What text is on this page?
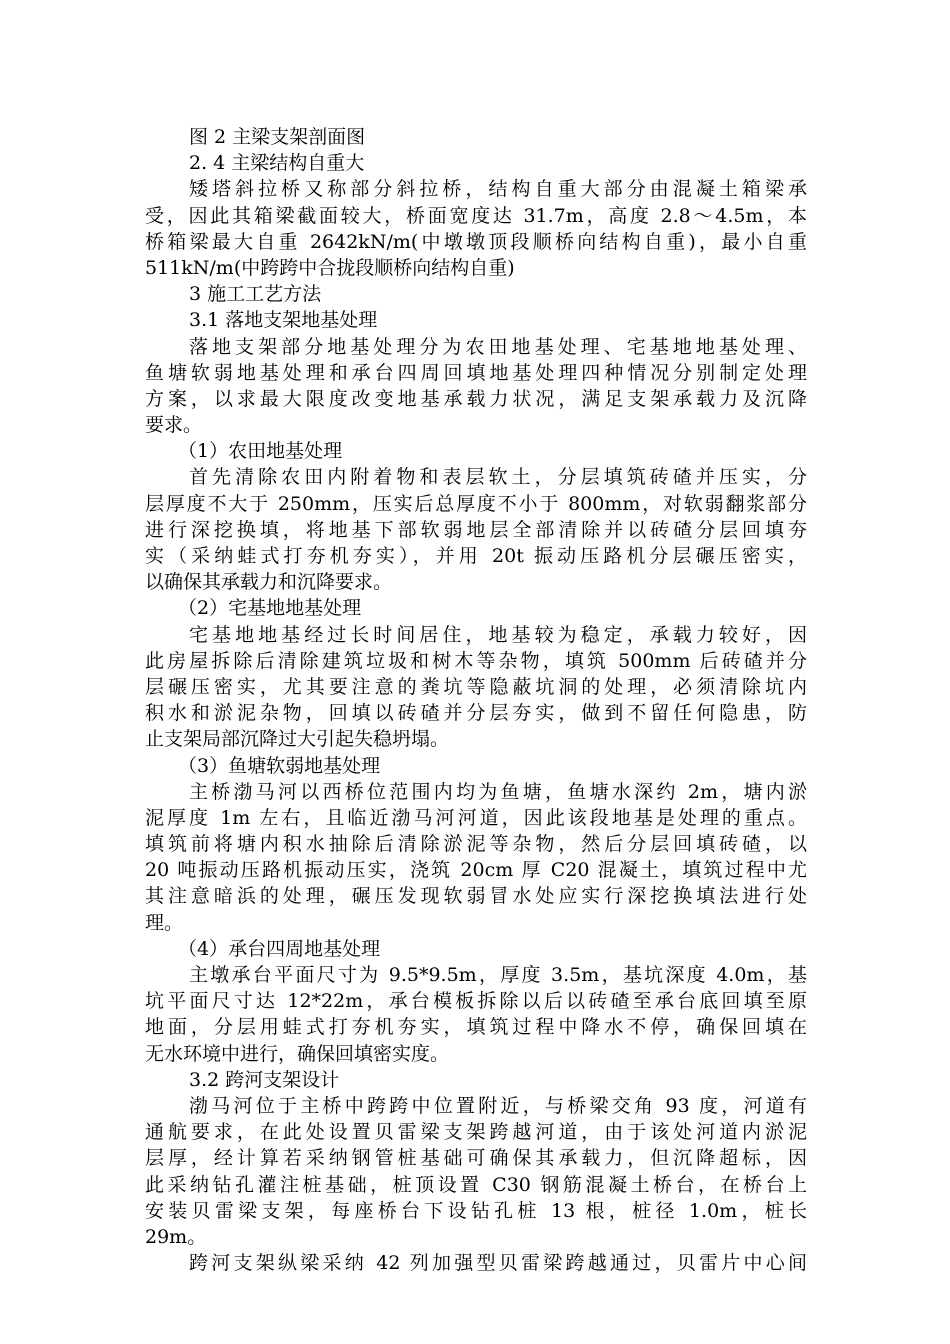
图 2 主梁支架剖面图
2. 4 主梁结构自重大
矮塔斜拉桥又称部分斜拉桥，结构自重大部分由混凝土箱梁承
受，因此其箱梁截面较大，桥面宽度达 31.7m，高度 2.8～4.5m，本
桥箱梁最大自重 2642kN/m(中墩墩顶段顺桥向结构自重)，最小自重
511kN/m(中跨跨中合拢段顺桥向结构自重)
3 施工工艺方法
3.1 落地支架地基处理
落地支架部分地基处理分为农田地基处理、宅基地地基处理、
鱼塘软弱地基处理和承台四周回填地基处理四种情况分别制定处理
方案，以求最大限度改变地基承载力状况，满足支架承载力及沉降
要求。
（1）农田地基处理
首先清除农田内附着物和表层软土，分层填筑砖碴并压实，分
层厚度不大于 250mm，压实后总厚度不小于 800mm，对软弱翻浆部分
进行深挖换填，将地基下部软弱地层全部清除并以砖碴分层回填夯
实（采纳蛙式打夯机夯实），并用 20t 振动压路机分层碾压密实，
以确保其承载力和沉降要求。
（2）宅基地地基处理
宅基地地基经过长时间居住，地基较为稳定，承载力较好，因
此房屋拆除后清除建筑垃圾和树木等杂物，填筑 500mm 后砖碴并分
层碾压密实，尤其要注意的粪坑等隐蔽坑洞的处理，必须清除坑内
积水和淤泥杂物，回填以砖碴并分层夯实，做到不留任何隐患，防
止支架局部沉降过大引起失稳坍塌。
（3）鱼塘软弱地基处理
主桥渤马河以西桥位范围内均为鱼塘，鱼塘水深约 2m，塘内淤
泥厚度 1m 左右，且临近渤马河河道，因此该段地基是处理的重点。
填筑前将塘内积水抽除后清除淤泥等杂物，然后分层回填砖碴，以
20 吨振动压路机振动压实，浇筑 20cm 厚 C20 混凝土，填筑过程中尤
其注意暗浜的处理，碾压发现软弱冒水处应实行深挖换填法进行处
理。
（4）承台四周地基处理
主墩承台平面尺寸为 9.5*9.5m，厚度 3.5m，基坑深度 4.0m，基
坑平面尺寸达 12*22m，承台模板拆除以后以砖碴至承台底回填至原
地面，分层用蛙式打夯机夯实，填筑过程中降水不停，确保回填在
无水环境中进行，确保回填密实度。
3.2 跨河支架设计
渤马河位于主桥中跨跨中位置附近，与桥梁交角 93 度，河道有
通航要求，在此处设置贝雷梁支架跨越河道，由于该处河道内淤泥
层厚，经计算若采纳钢管桩基础可确保其承载力，但沉降超标，因
此采纳钻孔灌注桩基础，桩顶设置 C30 钢筋混凝土桥台，在桥台上
安装贝雷梁支架，每座桥台下设钻孔桩 13 根，桩径 1.0m，桩长
29m。
跨河支架纵梁采纳 42 列加强型贝雷梁跨越通过，贝雷片中心间
